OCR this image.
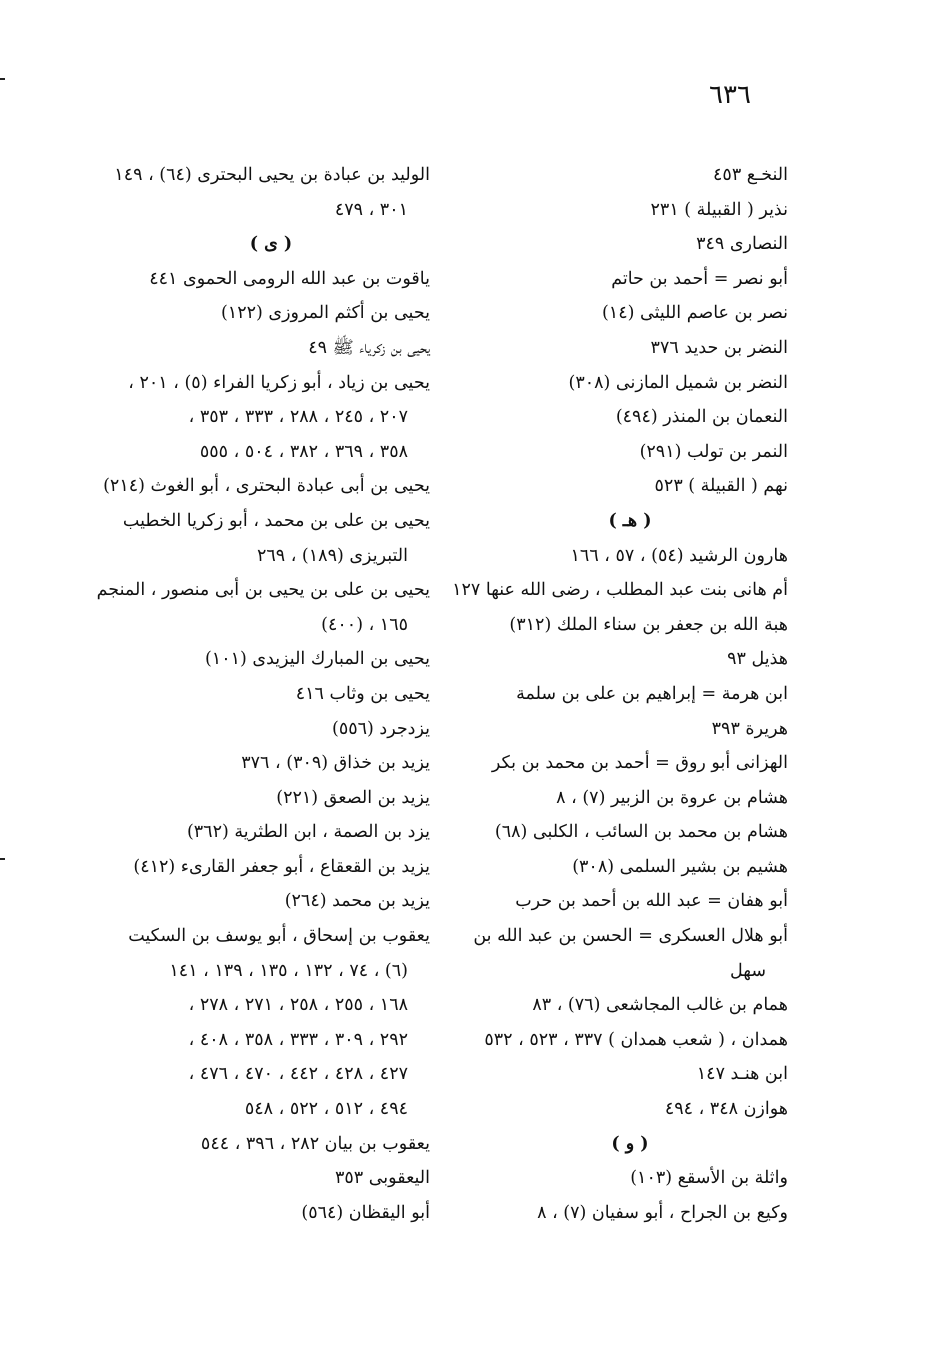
٦٣٦
النخـع ٤٥٣
نذير ( القبيلة ) ٢٣١
النصارى ٣٤٩
أبو نصر = أحمد بن حاتم
نصر بن عاصم الليثى (١٤)
النضر بن حديد ٣٧٦
النضر بن شميل المازنى (٣٠٨)
النعمان بن المنذر (٤٩٤)
النمر بن تولب (٢٩١)
نهم ( القبيلة ) ٥٢٣
( هـ )
هارون الرشيد (٥٤) ، ٥٧ ، ١٦٦
أم هانى بنت عبد المطلب ، رضى الله عنها ١٢٧
هبة الله بن جعفر بن سناء الملك (٣١٢)
هذيل ٩٣
ابن هرمة = إبراهيم بن على بن سلمة
هريرة ٣٩٣
الهزانى أبو روق = أحمد بن محمد بن بكر
هشام بن عروة بن الزبير (٧) ، ٨
هشام بن محمد بن السائب ، الكلبى (٦٨)
هشيم بن بشير السلمى (٣٠٨)
أبو هفان = عبد الله بن أحمد بن حرب
أبو هلال العسكرى = الحسن بن عبد الله بن
سهل
همام بن غالب المجاشعى (٧٦) ، ٨٣
همدان ، ( شعب همدان ) ٣٣٧ ، ٥٢٣ ، ٥٣٢
ابن هنـد ١٤٧
هوازن ٣٤٨ ، ٤٩٤
( و )
واثلة بن الأسقع (١٠٣)
وكيع بن الجراح ، أبو سفيان (٧) ، ٨
الوليد بن عبادة بن يحيى البحترى (٦٤) ، ١٤٩
٣٠١ ، ٤٧٩
( ى )
ياقوت بن عبد الله الرومى الحموى ٤٤١
يحيى بن أكثم المروزى (١٢٢)
يحيى بن زكرياء ﷺ ٤٩
يحيى بن زياد ، أبو زكريا الفراء (٥) ، ٢٠١ ،
٢٠٧ ، ٢٤٥ ، ٢٨٨ ، ٣٣٣ ، ٣٥٣ ،
٣٥٨ ، ٣٦٩ ، ٣٨٢ ، ٥٠٤ ، ٥٥٥
يحيى بن أبى عبادة البحترى ، أبو الغوث (٢١٤)
يحيى بن على بن محمد ، أبو زكريا الخطيب
التبريزى (١٨٩) ، ٢٦٩
يحيى بن على بن يحيى بن أبى منصور ، المنجم
١٦٥ ، (٤٠٠)
يحيى بن المبارك اليزيدى (١٠١)
يحيى بن وثاب ٤١٦
يزدجرد (٥٥٦)
يزيد بن خذاق (٣٠٩) ، ٣٧٦
يزيد بن الصعق (٢٢١)
يزد بن الصمة ، ابن الطثرية (٣٦٢)
يزيد بن القعقاع ، أبو جعفر القارىء (٤١٢)
يزيد بن محمد (٢٦٤)
يعقوب بن إسحاق ، أبو يوسف بن السكيت
(٦) ، ٧٤ ، ١٣٢ ، ١٣٥ ، ١٣٩ ، ١٤١
١٦٨ ، ٢٥٥ ، ٢٥٨ ، ٢٧١ ، ٢٧٨ ،
٢٩٢ ، ٣٠٩ ، ٣٣٣ ، ٣٥٨ ، ٤٠٨ ،
٤٢٧ ، ٤٢٨ ، ٤٤٢ ، ٤٧٠ ، ٤٧٦ ،
٤٩٤ ، ٥١٢ ، ٥٢٢ ، ٥٤٨
يعقوب بن بيان ٢٨٢ ، ٣٩٦ ، ٥٤٤
اليعقوبى ٣٥٣
أبو اليقظان (٥٦٤)
